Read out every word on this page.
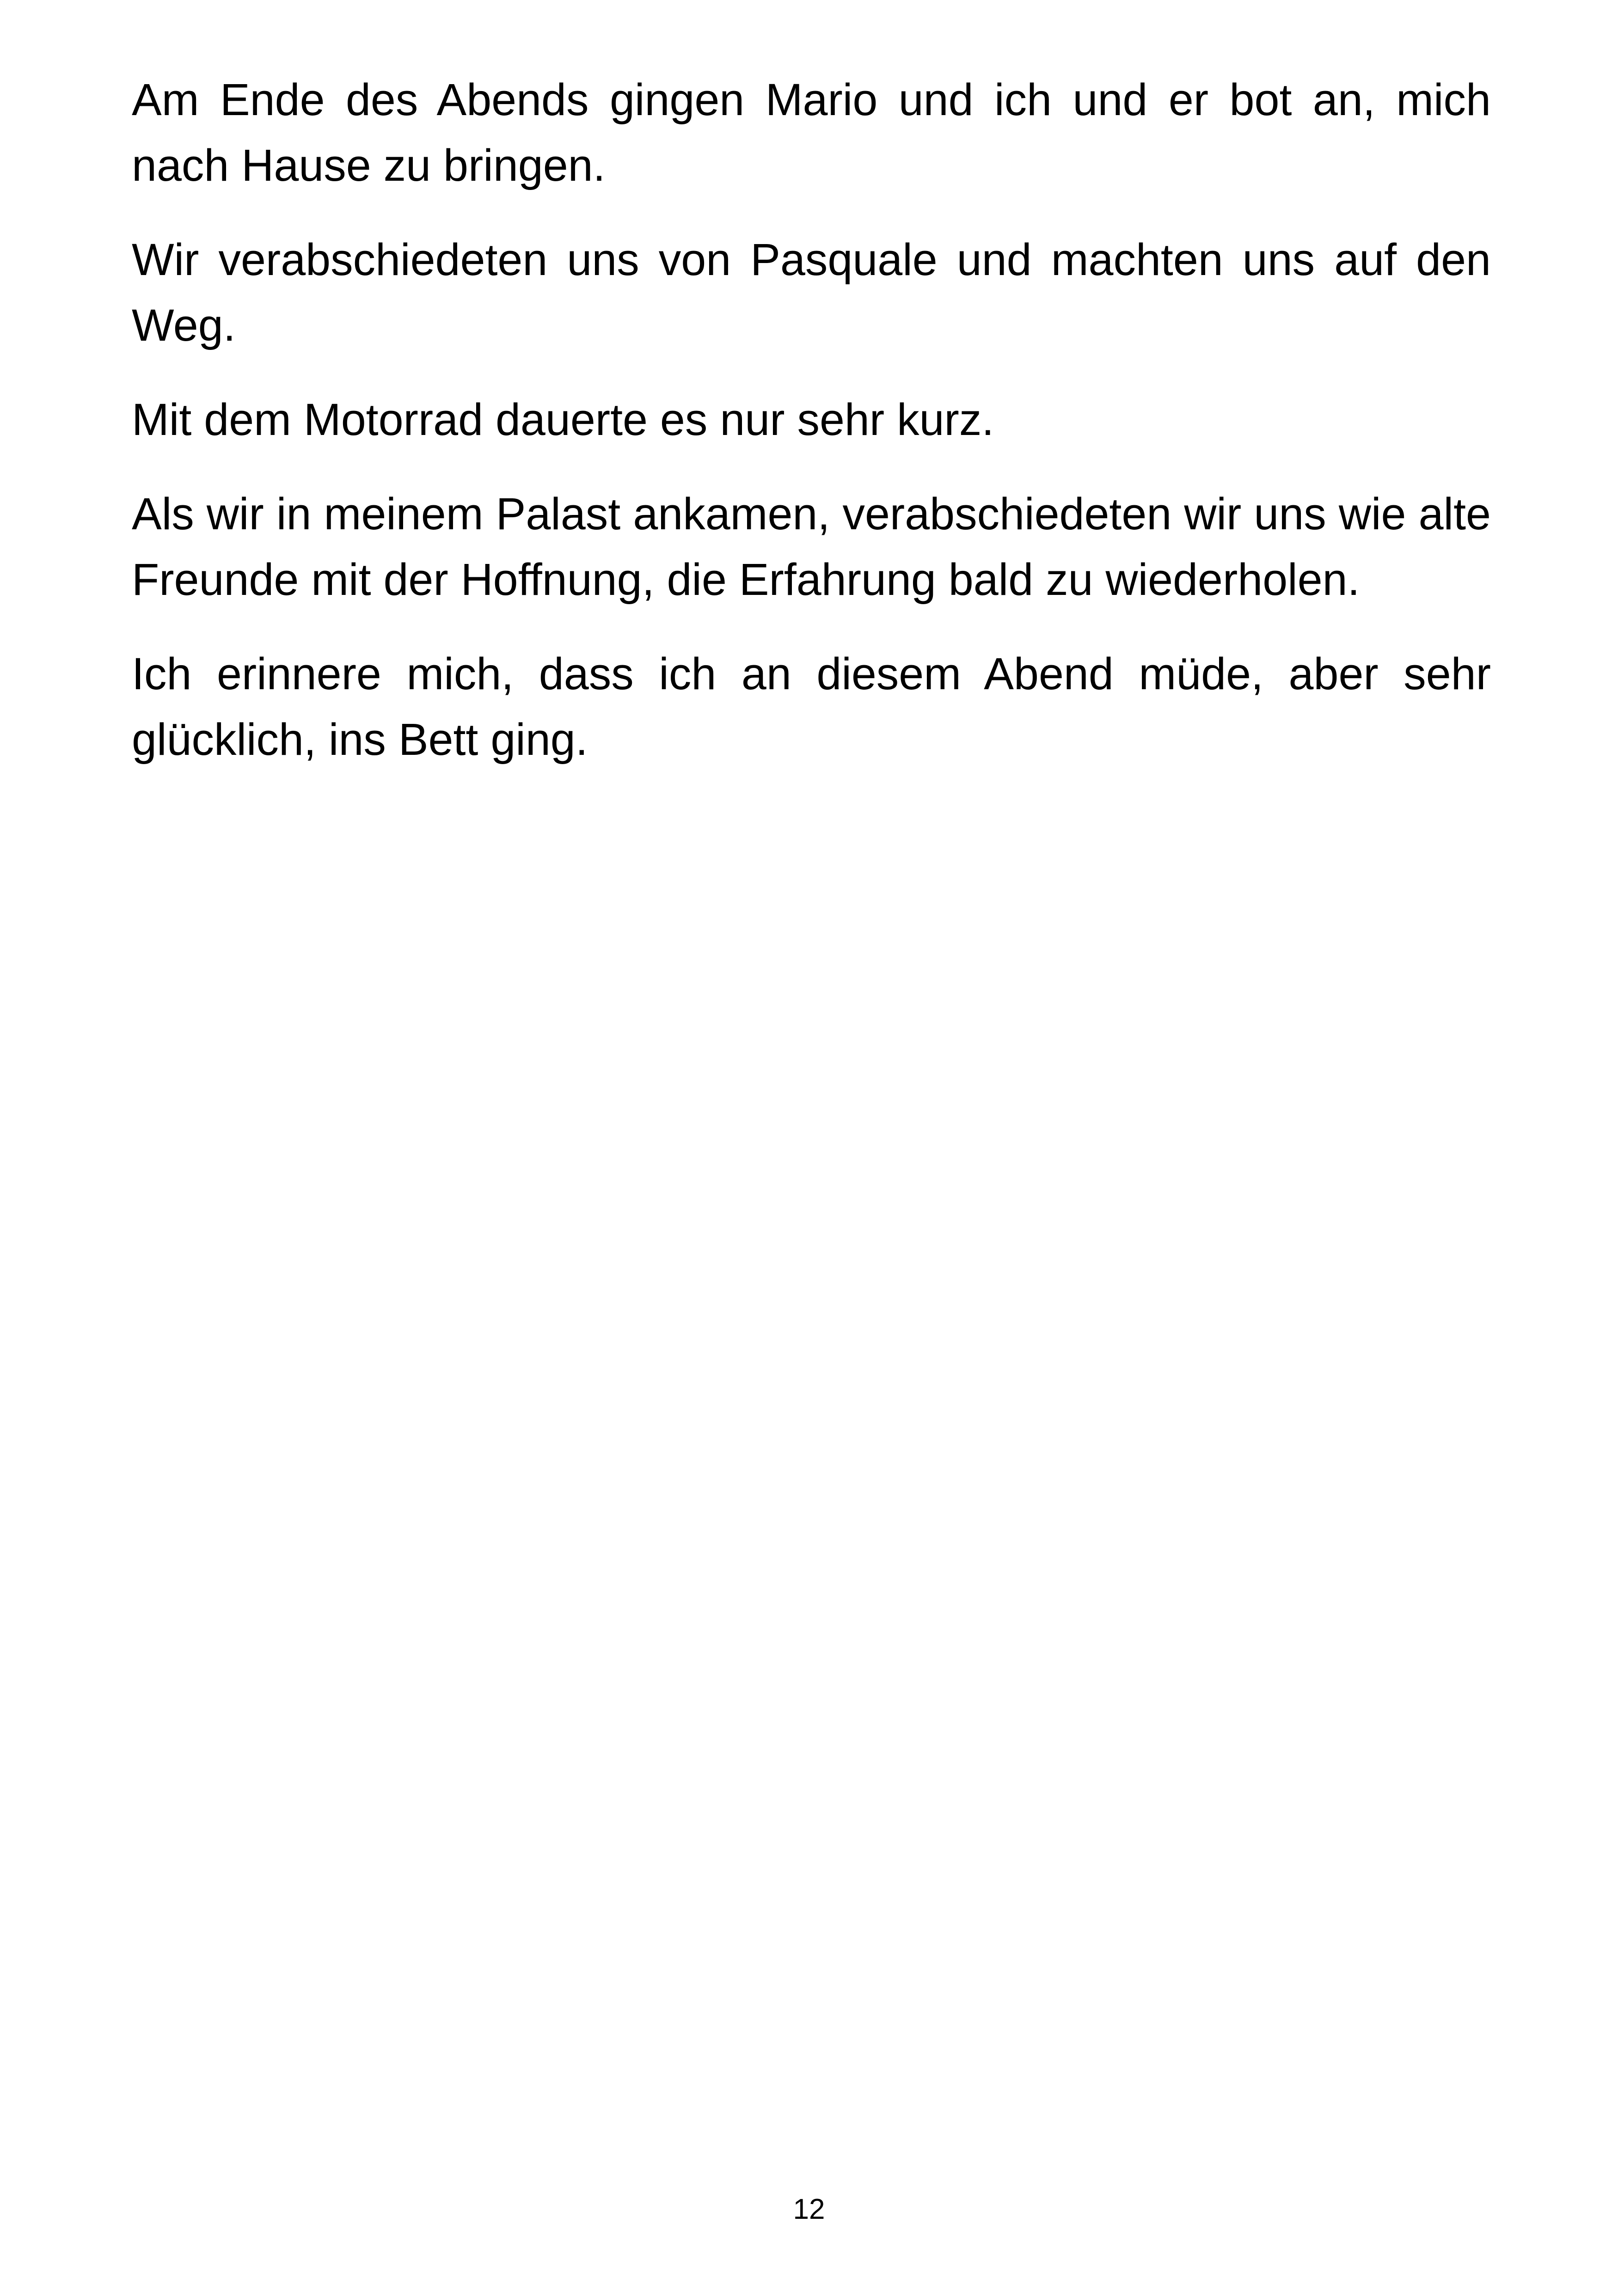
Am Ende des Abends gingen Mario und ich und er bot an, mich nach Hause zu bringen.

Wir verabschiedeten uns von Pasquale und machten uns auf den Weg.

Mit dem Motorrad dauerte es nur sehr kurz.

Als wir in meinem Palast ankamen, verabschiedeten wir uns wie alte Freunde mit der Hoffnung, die Erfahrung bald zu wiederholen.

Ich erinnere mich, dass ich an diesem Abend müde, aber sehr glücklich, ins Bett ging.

12
